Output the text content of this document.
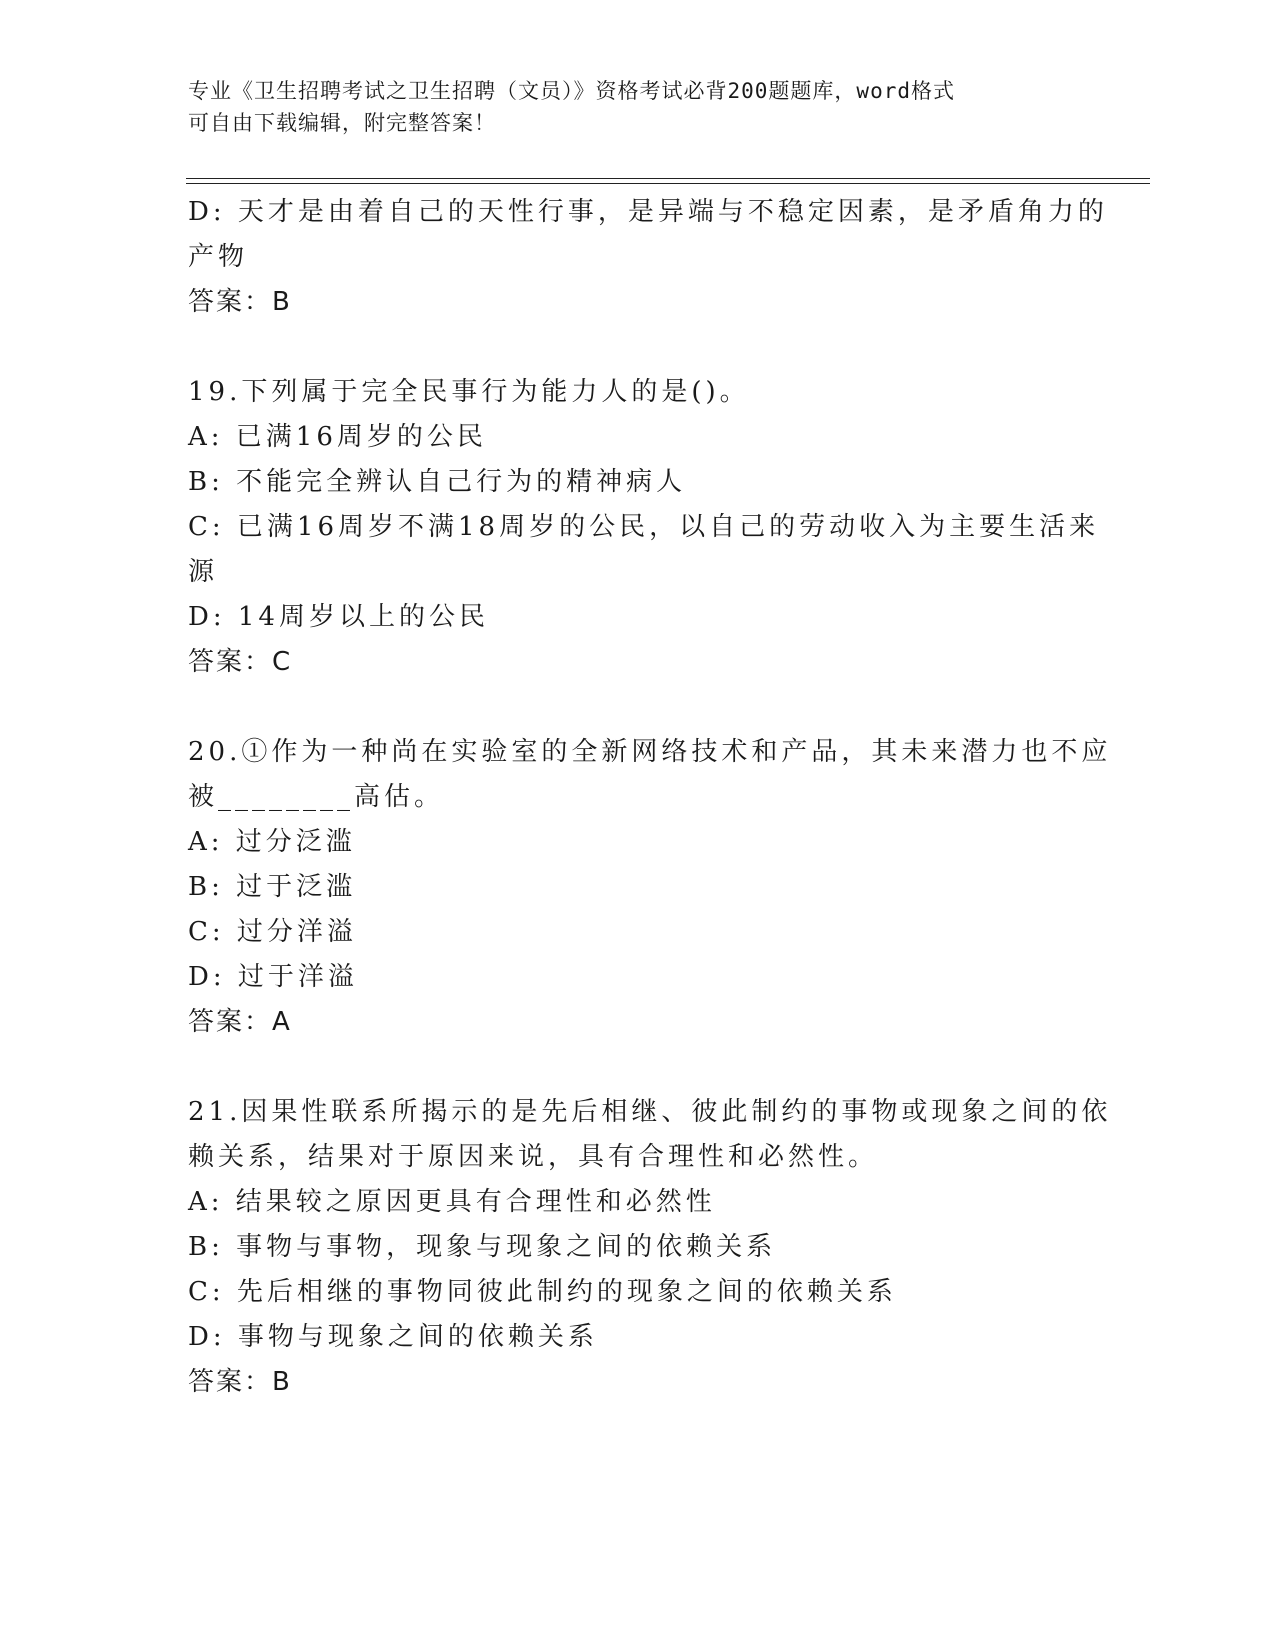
专业《卫生招聘考试之卫生招聘（文员）》资格考试必背200题题库，word格式
可自由下载编辑，附完整答案！
D: 天才是由着自己的天性行事，是异端与不稳定因素，是矛盾角力的
产物
答案：B
19.下列属于完全民事行为能力人的是()。
A: 已满16周岁的公民
B: 不能完全辨认自己行为的精神病人
C: 已满16周岁不满18周岁的公民，以自己的劳动收入为主要生活来
源
D: 14周岁以上的公民
答案：C
20.①作为一种尚在实验室的全新网络技术和产品，其未来潜力也不应
被________高估。
A: 过分泛滥
B: 过于泛滥
C: 过分洋溢
D: 过于洋溢
答案：A
21.因果性联系所揭示的是先后相继、彼此制约的事物或现象之间的依
赖关系，结果对于原因来说，具有合理性和必然性。
A: 结果较之原因更具有合理性和必然性
B: 事物与事物，现象与现象之间的依赖关系
C: 先后相继的事物同彼此制约的现象之间的依赖关系
D: 事物与现象之间的依赖关系
答案：B
